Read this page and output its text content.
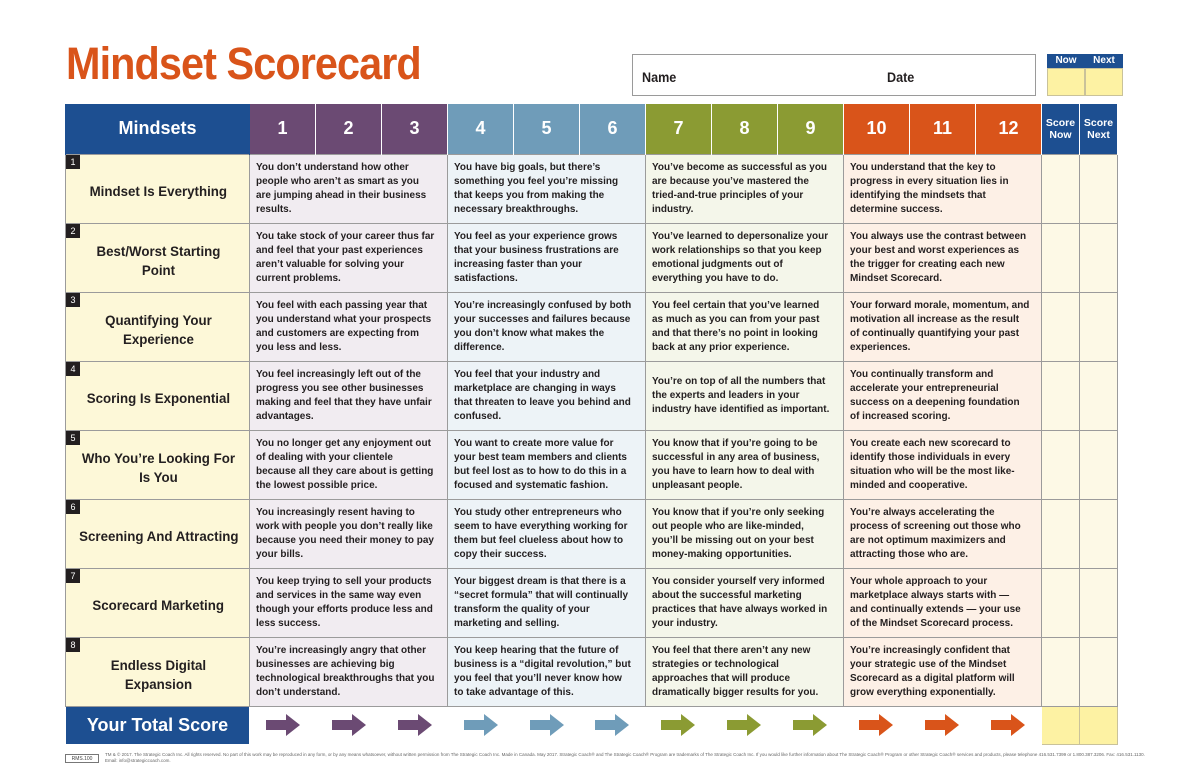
Mindset Scorecard	Name	Date
Now	Next
Mindsets	1	2	3	4	5	6	7	8	9	10	11	12	Score Now	Score Next

1
Mindset Is Everything	You don’t understand how other people who aren’t as smart as you are jumping ahead in their business results.			You have big goals, but there’s something you feel you’re missing that keeps you from making the necessary breakthroughs.			You’ve become as successful as you are because you’ve mastered the tried-and-true principles of your industry.			You understand that the key to progress in every situation lies in identifying the mindsets that determine success.				

2
Best/Worst Starting Point	You take stock of your career thus far and feel that your past experiences aren’t valuable for solving your current problems.			You feel as your experience grows that your business frustrations are increasing faster than your satisfactions.			You’ve learned to depersonalize your work relationships so that you keep emotional judgments out of everything you have to do.			You always use the contrast between your best and worst experiences as the trigger for creating each new Mindset Scorecard.				

3
Quantifying Your Experience	You feel with each passing year that you understand what your prospects and customers are expecting from you less and less.			You’re increasingly confused by both your successes and failures because you don’t know what makes the difference.			You feel certain that you’ve learned as much as you can from your past and that there’s no point in looking back at any prior experience.			Your forward morale, momentum, and motivation all increase as the result of continually quantifying your past experiences.				

4
Scoring Is Exponential	You feel increasingly left out of the progress you see other businesses making and feel that they have unfair advantages.			You feel that your industry and marketplace are changing in ways that threaten to leave you behind and confused.			You’re on top of all the numbers that the experts and leaders in your industry have identified as important.			You continually transform and accelerate your entrepreneurial success on a deepening foundation of increased scoring.				

5
Who You’re Looking For Is You	You no longer get any enjoyment out of dealing with your clientele because all they care about is getting the lowest possible price.			You want to create more value for your best team members and clients but feel lost as to how to do this in a focused and systematic fashion.			You know that if you’re going to be successful in any area of business, you have to learn how to deal with unpleasant people.			You create each new scorecard to identify those individuals in every situation who will be the most like-minded and cooperative.				

6
Screening And Attracting	You increasingly resent having to work with people you don’t really like because you need their money to pay your bills.			You study other entrepreneurs who seem to have everything working for them but feel clueless about how to copy their success.			You know that if you’re only seeking out people who are like-minded, you’ll be missing out on your best money-making opportunities.			You’re always accelerating the process of screening out those who are not optimum maximizers and attracting those who are.				

7
Scorecard Marketing	You keep trying to sell your products and services in the same way even though your efforts produce less and less success.			Your biggest dream is that there is a “secret formula” that will continually transform the quality of your marketing and selling.			You consider yourself very informed about the successful marketing practices that have always worked in your industry.			Your whole approach to your marketplace always starts with — and continually extends — your use of the Mindset Scorecard process.				

8
Endless Digital Expansion	You’re increasingly angry that other businesses are achieving big technological breakthroughs that you don’t understand.			You keep hearing that the future of business is a “digital revolution,” but you feel that you’ll never know how to take advantage of this.			You feel that there aren’t any new strategies or technological approaches that will produce dramatically bigger results for you.			You’re increasingly confident that your strategic use of the Mindset Scorecard as a digital platform will grow everything exponentially.				

Your Total Score	

RMS.100
TM & © 2017. The Strategic Coach Inc. All rights reserved. No part of this work may be reproduced in any form, or by any means whatsoever, without written permission from The Strategic Coach Inc. Made in Canada. May 2017. Strategic Coach® and The Strategic Coach® Program are trademarks of The Strategic Coach Inc. If you would like further information about The Strategic Coach® Program or other Strategic Coach® services and products, please telephone 416.531.7399 or 1.800.387.3206. Fax: 416.531.1130. Email: info@strategiccoach.com.
